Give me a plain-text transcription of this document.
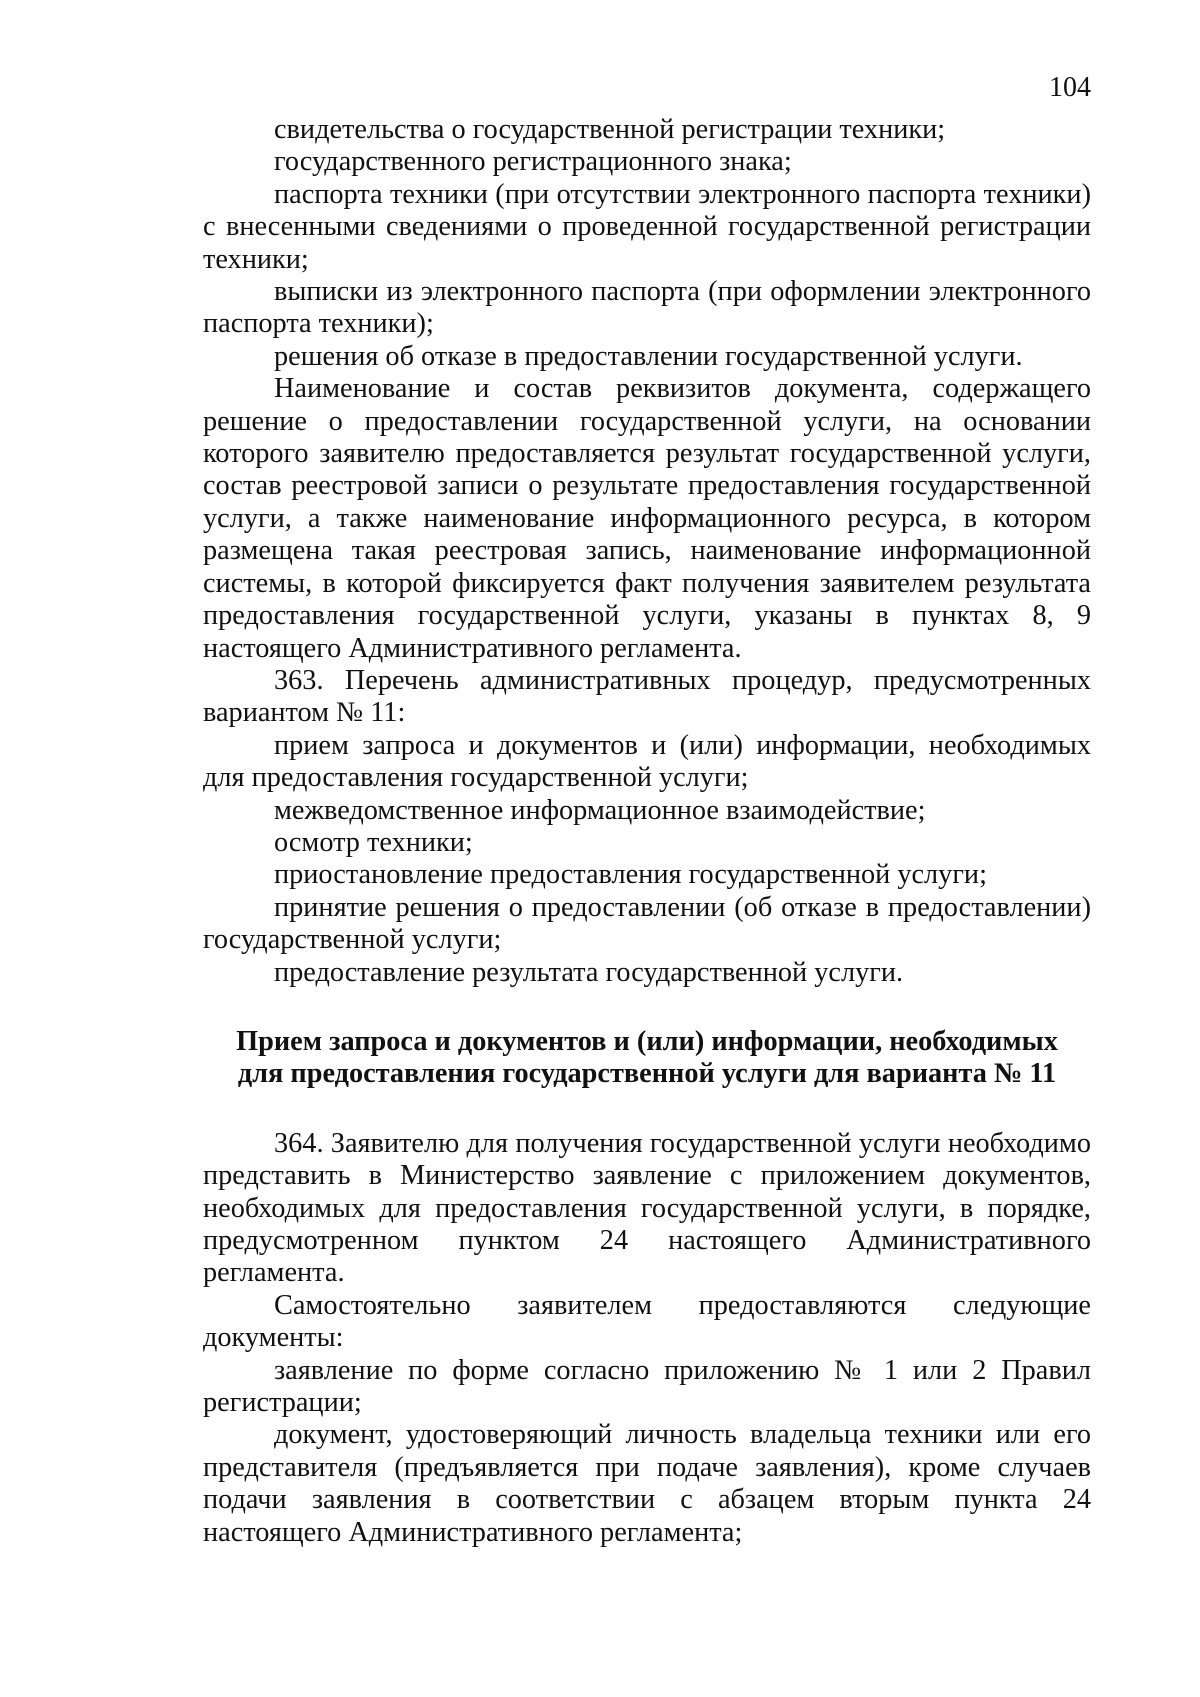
104

свидетельства о государственной регистрации техники;

государственного регистрационного знака;

паспорта техники (при отсутствии электронного паспорта техники) с внесенными сведениями о проведенной государственной регистрации техники;

выписки из электронного паспорта (при оформлении электронного паспорта техники);

решения об отказе в предоставлении государственной услуги.

Наименование и состав реквизитов документа, содержащего решение о предоставлении государственной услуги, на основании которого заявителю предоставляется результат государственной услуги, состав реестровой записи о результате предоставления государственной услуги, а также наименование информационного ресурса, в котором размещена такая реестровая запись, наименование информационной системы, в которой фиксируется факт получения заявителем результата предоставления государственной услуги, указаны в пунктах 8, 9 настоящего Административного регламента.

363. Перечень административных процедур, предусмотренных вариантом № 11:

прием запроса и документов и (или) информации, необходимых для предоставления государственной услуги;

межведомственное информационное взаимодействие;

осмотр техники;

приостановление предоставления государственной услуги;

принятие решения о предоставлении (об отказе в предоставлении) государственной услуги;

предоставление результата государственной услуги.

Прием запроса и документов и (или) информации, необходимых
для предоставления государственной услуги для варианта № 11

364. Заявителю для получения государственной услуги необходимо представить в Министерство заявление с приложением документов, необходимых для предоставления государственной услуги, в порядке, предусмотренном пунктом 24 настоящего Административного регламента.

Самостоятельно заявителем предоставляются следующие документы:

заявление по форме согласно приложению № 1 или 2 Правил регистрации;

документ, удостоверяющий личность владельца техники или его представителя (предъявляется при подаче заявления), кроме случаев подачи заявления в соответствии с абзацем вторым пункта 24 настоящего Административного регламента;
